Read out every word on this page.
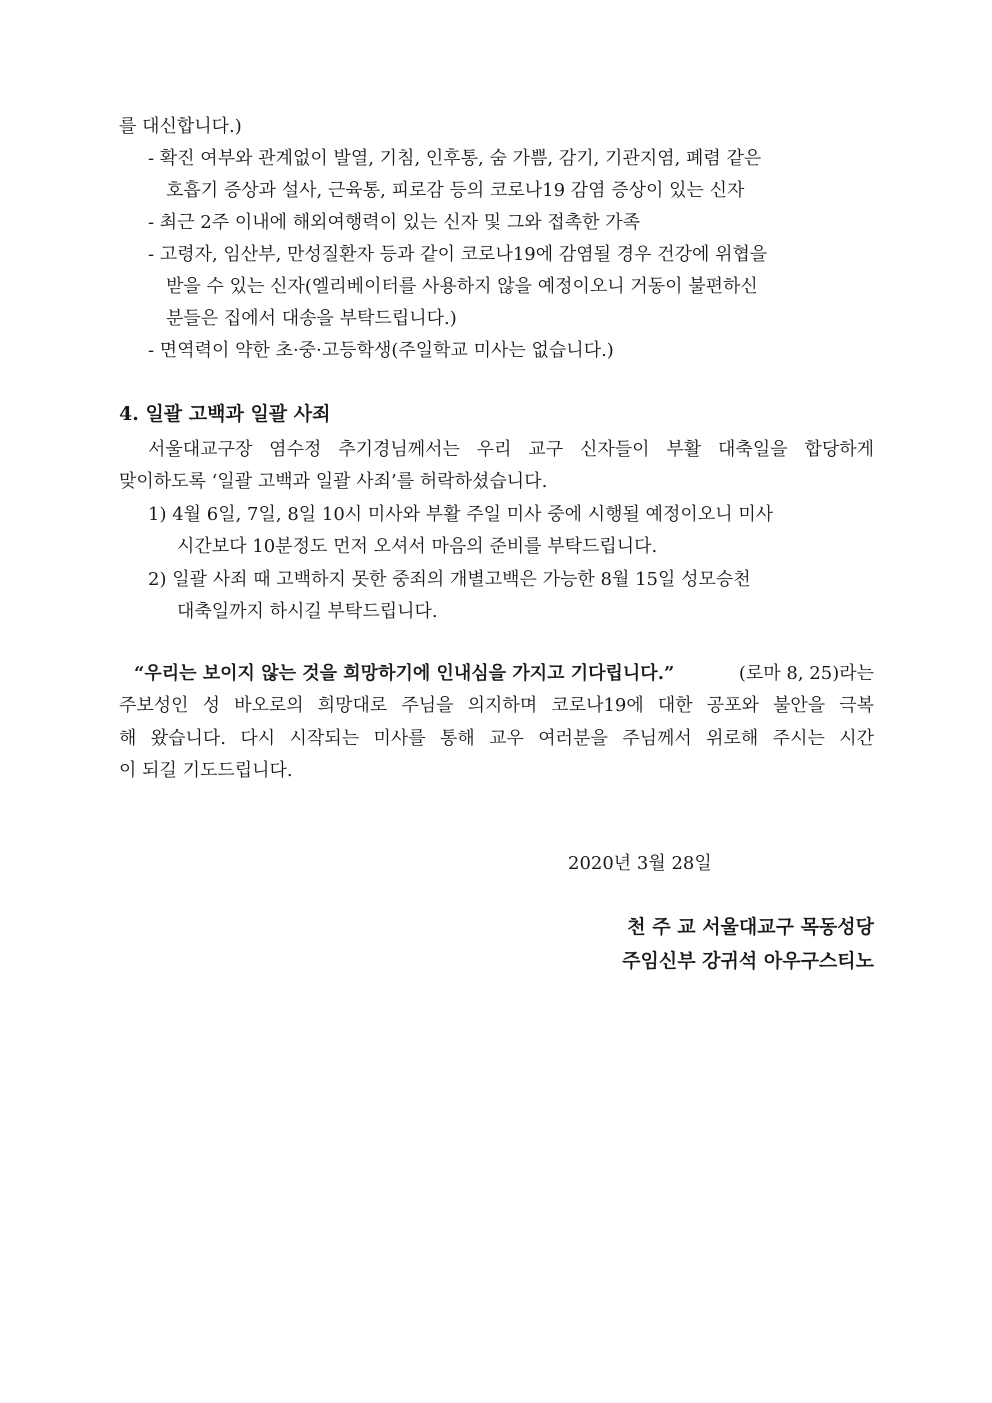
를 대신합니다.)
- 확진 여부와 관계없이 발열, 기침, 인후통, 숨 가쁨, 감기, 기관지염, 폐렴 같은
호흡기 증상과 설사, 근육통, 피로감 등의 코로나19 감염 증상이 있는 신자
- 최근 2주 이내에 해외여행력이 있는 신자 및 그와 접촉한 가족
- 고령자, 임산부, 만성질환자 등과 같이 코로나19에 감염될 경우 건강에 위협을
받을 수 있는 신자(엘리베이터를 사용하지 않을 예정이오니 거동이 불편하신
분들은 집에서 대송을 부탁드립니다.)
- 면역력이 약한 초·중·고등학생(주일학교 미사는 없습니다.)
4. 일괄 고백과 일괄 사죄
서울대교구장 염수정 추기경님께서는 우리 교구 신자들이 부활 대축일을 합당하게
맞이하도록 ‘일괄 고백과 일괄 사죄’를 허락하셨습니다.
1) 4월 6일, 7일, 8일 10시 미사와 부활 주일 미사 중에 시행될 예정이오니 미사
시간보다 10분정도 먼저 오셔서 마음의 준비를 부탁드립니다.
2) 일괄 사죄 때 고백하지 못한 중죄의 개별고백은 가능한 8월 15일 성모승천
대축일까지 하시길 부탁드립니다.
“우리는 보이지 않는 것을 희망하기에 인내심을 가지고 기다립니다.”	(로마 8, 25)라는
주보성인 성 바오로의 희망대로 주님을 의지하며 코로나19에 대한 공포와 불안을 극복
해 왔습니다. 다시 시작되는 미사를 통해 교우 여러분을 주님께서 위로해 주시는 시간
이 되길 기도드립니다.
2020년 3월 28일
천 주 교 서울대교구 목동성당
주임신부 강귀석 아우구스티노
